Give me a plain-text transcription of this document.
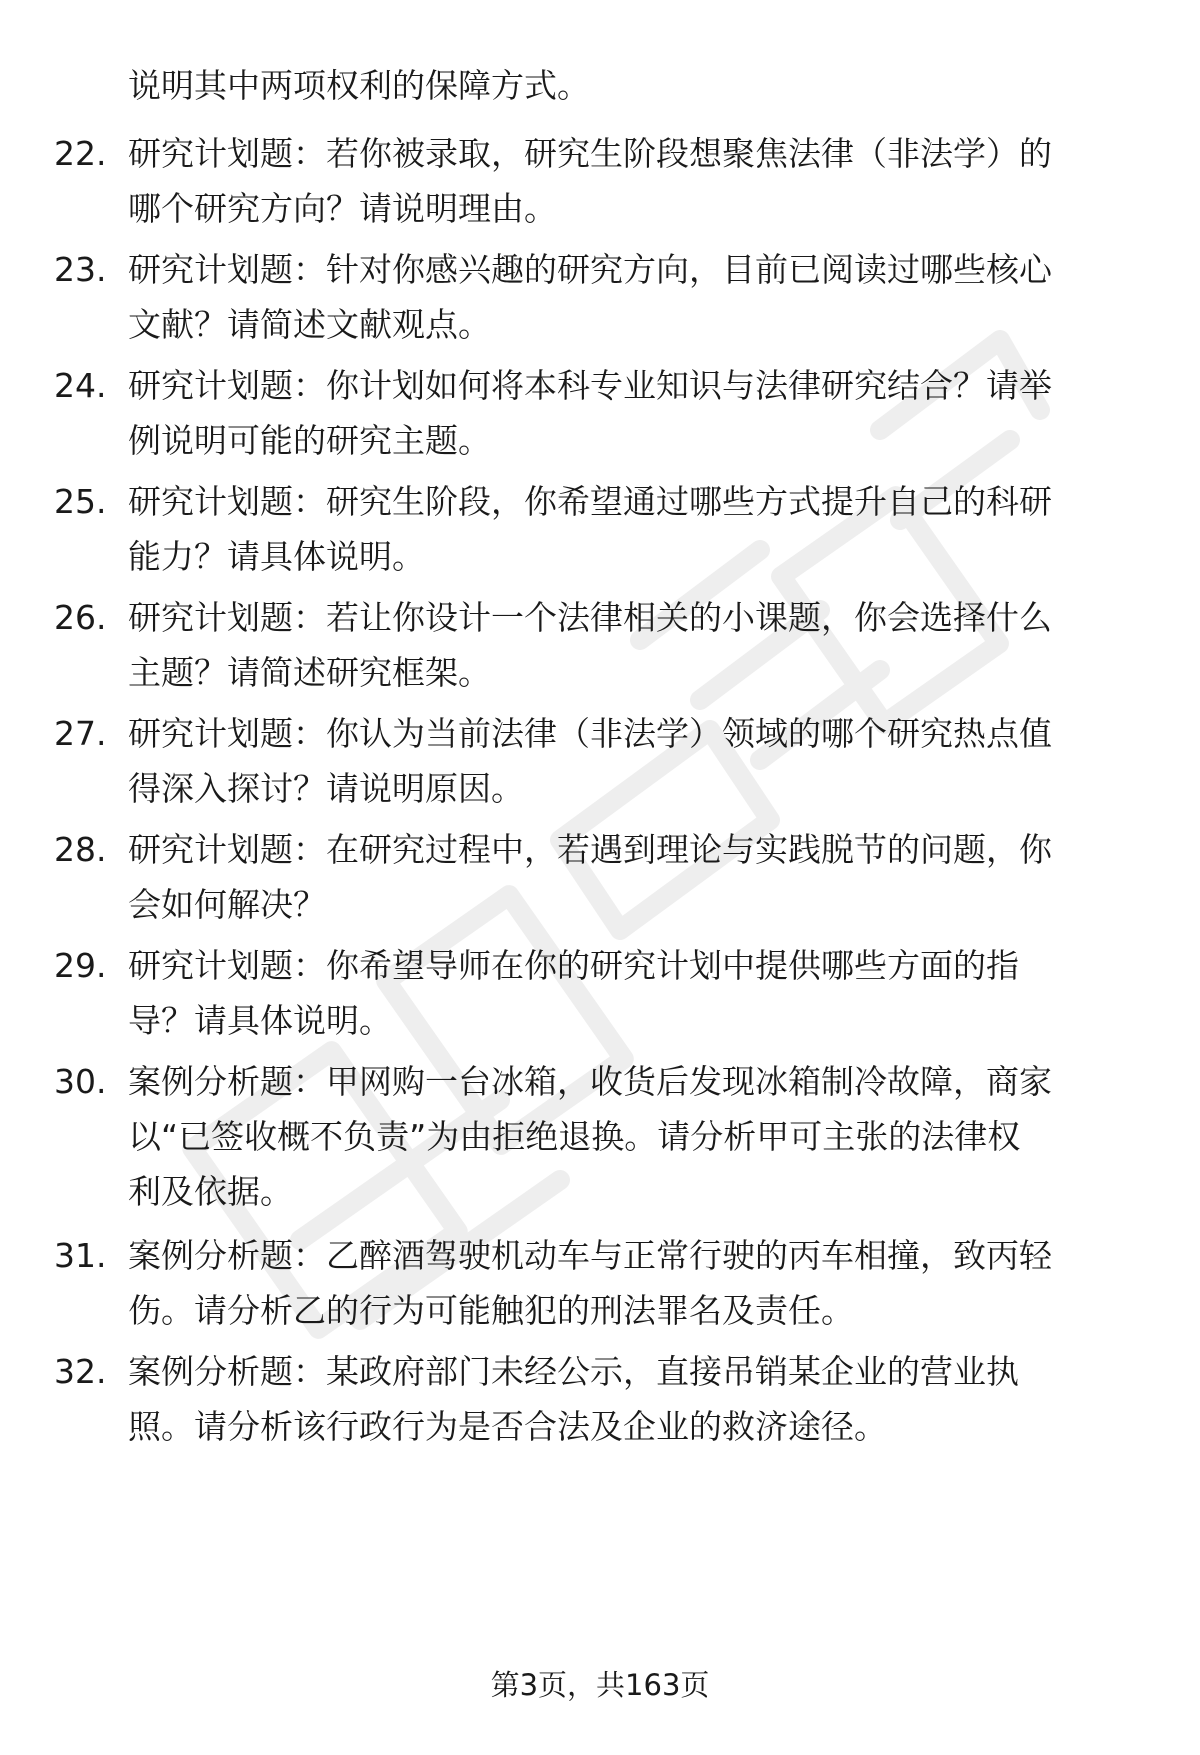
说明其中两项权利的保障方式。
22. 研究计划题：若你被录取，研究生阶段想聚焦法律（非法学）的
哪个研究方向？请说明理由。
23. 研究计划题：针对你感兴趣的研究方向，目前已阅读过哪些核心
文献？请简述文献观点。
24. 研究计划题：你计划如何将本科专业知识与法律研究结合？请举
例说明可能的研究主题。
25. 研究计划题：研究生阶段，你希望通过哪些方式提升自己的科研
能力？请具体说明。
26. 研究计划题：若让你设计一个法律相关的小课题，你会选择什么
主题？请简述研究框架。
27. 研究计划题：你认为当前法律（非法学）领域的哪个研究热点值
得深入探讨？请说明原因。
28. 研究计划题：在研究过程中，若遇到理论与实践脱节的问题，你
会如何解决？
29. 研究计划题：你希望导师在你的研究计划中提供哪些方面的指
导？请具体说明。
30. 案例分析题：甲网购一台冰箱，收货后发现冰箱制冷故障，商家
以“已签收概不负责”为由拒绝退换。请分析甲可主张的法律权
利及依据。
31. 案例分析题：乙醉酒驾驶机动车与正常行驶的丙车相撞，致丙轻
伤。请分析乙的行为可能触犯的刑法罪名及责任。
32. 案例分析题：某政府部门未经公示，直接吊销某企业的营业执
照。请分析该行政行为是否合法及企业的救济途径。
第3页，共163页
